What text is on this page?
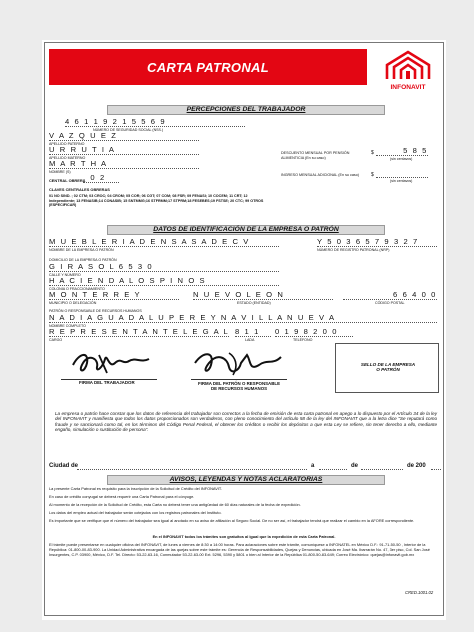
CARTA PATRONAL
INFONAVIT
PERCEPCIONES DEL TRABAJADOR
4 6 1 1 9 2 1 5 5 6 9
NÚMERO DE SEGURIDAD SOCIAL (NSS.)
V A Z Q U E Z
APELLIDO PATERNO
U R R U T I A
APELLIDO MATERNO
M A R T H A
NOMBRE (S)
CENTRAL OBRERA
. 0 2
CLAVES CENTRALES OBRERAS
01 NO SIND. ; 02 CTM; 03 CROC; 04 CROM; 05 COR; 06 CGT; 07 COM; 08 FSR; 09 FENASI; 10 COCEM; 11 CRT; 12 Independiente; 13 FENASIB;14 CONASIB; 15 SNTMMG;16 STFRMM;17 STPRM;18 FESEBES;19 FSTSE; 20 CTC; 99 OTROS (ESPECIFICAR)
DESCUENTO MENSUAL POR PENSIÓN ALIMENTICIA (En su caso)
$	5 8 5
(sin centavos)
INGRESO MENSUAL ADICIONAL (En su caso)	$
(sin centavos)
DATOS DE IDENTIFICACIÓN DE LA EMPRESA O PATRÓN
M U E B L E R I A D E N S A S A D E C V
NOMBRE DE LA EMPRESA O PATRÓN
Y 5 0 3 6 5 7 9 3 2 7
NÚMERO DE REGISTRO PATRONAL (NRP)
DOMICILIO DE LA EMPRESA O PATRÓN
G I R A S O L 6 5 3 0
CALLE Y NÚMERO
H A C I E N D A L O S P I N O S
COLONIA O FRACCIONAMIENTO
M O N T E R R E Y
MUNICIPIO O DELEGACIÓN
N U E V O L E O N
ESTADO (ENTIDAD)
6 6 4 0 0
CÓDIGO POSTAL
PATRÓN O RESPONSABLE DE RECURSOS HUMANOS
N A D I A G U A D A L U P E R E Y N A V I L L A N U E V A
NOMBRE COMPLETO
R E P R E S E N T A N T E L E G A L
CARGO
8 1 1
LADA
0 1 9 8 2 0 0
TELÉFONO
FIRMA DEL TRABAJADOR	FIRMA DEL PATRÓN O RESPONSABLE DE RECURSOS HUMANOS
SELLO DE LA EMPRESA O PATRÓN
La empresa o patrón hace constar que los datos de referencia del trabajador son correctos a la fecha de emisión de esta carta patronal en apego a lo dispuesto por el Artículo 34 de la ley del INFONAVIT y manifiesta que todos los datos proporcionados son verdaderos, con pleno conocimiento del artículo 58 de la ley del INFONAVIT que a la letra dice "Se reputará como fraude y se sancionará como tal, en los términos del Código Penal Federal, el obtener los créditos o recibir los depósitos a que esta Ley se refiere, sin tener derecho a ello, mediante engaño, simulación o sustitución de persona".
Ciudad de	a	de	de 200
AVISOS, LEYENDAS Y NOTAS ACLARATORIAS
La presente Carta Patronal es requisito para la inscripción de la Solicitud de Crédito del INFONAVIT.
En caso de crédito conyugal se deberá requerir una Carta Patronal para el cónyuge.
Al momento de la recepción de la Solicitud de Crédito, esta Carta no deberá tener una antigüedad de 60 días naturales de la fecha de expedición.
Los datos del empleo actual del trabajador serán cotejados con los registros patronales del Instituto.
Es importante que se verifique que el número del trabajador sea igual al anotado en su aviso de afiliación al Seguro Social. De no ser así, el trabajador tendrá que realizar el cambio en la AFORE correspondiente.
En el INFONAVIT todos los trámites son gratuitos al igual que la expedición de esta Carta Patronal.
El trámite puede presentarse en cualquier oficina del INFONAVIT, de lunes a viernes de 8:30 a 14:00 horas. Para aclaraciones sobre este trámite, comuníquese a INFONATEL en México D.F.: 91-71-50-50 , Interior de la República: 01-800-00-83-900. La Unidad Administrativa encargada de las quejas sobre este trámite es: Gerencia de Responsabilidades, Quejas y Denuncias, ubicada en José Ma. Ibarrarán No. 47, 3er piso, Col. San José Insurgentes, C.P. 03900, México, D.F. Tel. Directo: 53-22-63-16, Conmutador 53-22-63-00 Ext. 5296, 5390 y 5801 o bien al Interior de la República 01-800-50-83-649; Correo Electrónico: quejas@infonavit.gob.mx
CRED.1001.02
